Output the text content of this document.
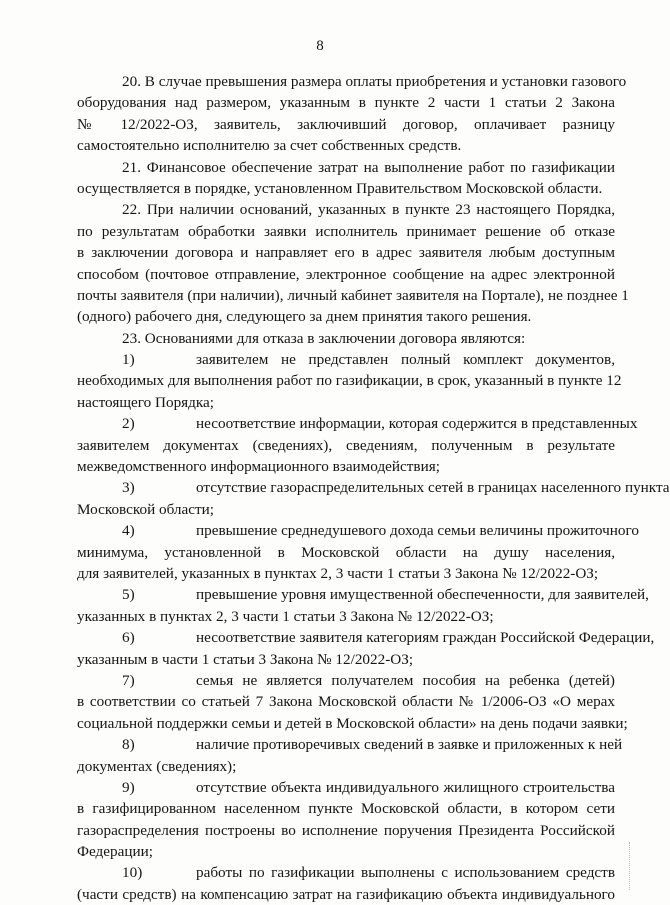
8
20. В случае превышения размера оплаты приобретения и установки газового
оборудования над размером, указанным в пункте 2 части 1 статьи 2 Закона
№ 12/2022-ОЗ, заявитель, заключивший договор, оплачивает разницу
самостоятельно исполнителю за счет собственных средств.
21. Финансовое обеспечение затрат на выполнение работ по газификации
осуществляется в порядке, установленном Правительством Московской области.
22. При наличии оснований, указанных в пункте 23 настоящего Порядка,
по результатам обработки заявки исполнитель принимает решение об отказе
в заключении договора и направляет его в адрес заявителя любым доступным
способом (почтовое отправление, электронное сообщение на адрес электронной
почты заявителя (при наличии), личный кабинет заявителя на Портале), не позднее 1
(одного) рабочего дня, следующего за днем принятия такого решения.
23. Основаниями для отказа в заключении договора являются:
1)	заявителем не представлен полный комплект документов,
необходимых для выполнения работ по газификации, в срок, указанный в пункте 12
настоящего Порядка;
2)	несоответствие информации, которая содержится в представленных
заявителем документах (сведениях), сведениям, полученным в результате
межведомственного информационного взаимодействия;
3)	отсутствие газораспределительных сетей в границах населенного пункта
Московской области;
4)	превышение среднедушевого дохода семьи величины прожиточного
минимума, установленной в Московской области на душу населения,
для заявителей, указанных в пунктах 2, 3 части 1 статьи 3 Закона № 12/2022-ОЗ;
5)	превышение уровня имущественной обеспеченности, для заявителей,
указанных в пунктах 2, 3 части 1 статьи 3 Закона № 12/2022-ОЗ;
6)	несоответствие заявителя категориям граждан Российской Федерации,
указанным в части 1 статьи 3 Закона № 12/2022-ОЗ;
7)	семья не является получателем пособия на ребенка (детей)
в соответствии со статьей 7 Закона Московской области № 1/2006-ОЗ «О мерах
социальной поддержки семьи и детей в Московской области» на день подачи заявки;
8)	наличие противоречивых сведений в заявке и приложенных к ней
документах (сведениях);
9)	отсутствие объекта индивидуального жилищного строительства
в газифицированном населенном пункте Московской области, в котором сети
газораспределения построены во исполнение поручения Президента Российской
Федерации;
10)	работы по газификации выполнены с использованием средств
(части средств) на компенсацию затрат на газификацию объекта индивидуального
